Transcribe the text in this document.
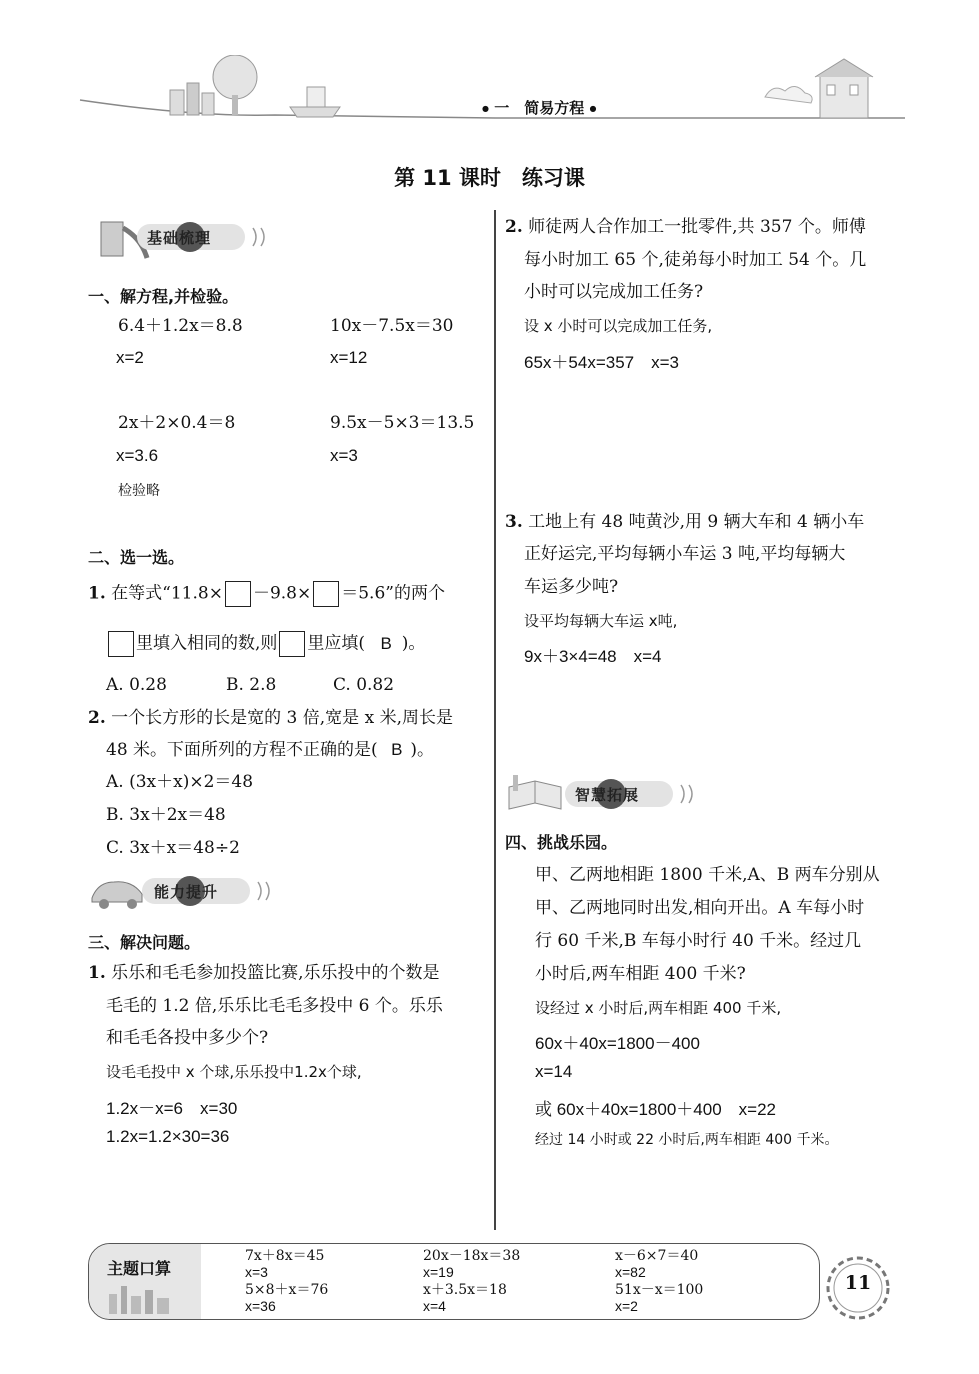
● 一　简易方程 ●
第 11 课时　练习课
基础梳理
一、解方程,并检验。
6.4＋1.2x＝8.8
x=2
10x－7.5x＝30
x=12
2x＋2×0.4＝8
x=3.6
9.5x－5×3＝13.5
x=3
检验略
二、选一选。
1. 在等式“11.8× －9.8× ＝5.6”的两个
里填入相同的数,则 里应填( B )。
A. 0.28	B. 2.8	C. 0.82
2. 一个长方形的长是宽的 3 倍,宽是 x 米,周长是
48 米。下面所列的方程不正确的是( B )。
A. (3x＋x)×2＝48
B. 3x＋2x＝48
C. 3x＋x＝48÷2
能力提升
三、解决问题。
1. 乐乐和毛毛参加投篮比赛,乐乐投中的个数是
毛毛的 1.2 倍,乐乐比毛毛多投中 6 个。乐乐
和毛毛各投中多少个?
设毛毛投中 x 个球,乐乐投中1.2x个球,
1.2x－x=6　x=30
1.2x=1.2×30=36
2. 师徒两人合作加工一批零件,共 357 个。师傅
每小时加工 65 个,徒弟每小时加工 54 个。几
小时可以完成加工任务?
设 x 小时可以完成加工任务,
65x＋54x=357　x=3
3. 工地上有 48 吨黄沙,用 9 辆大车和 4 辆小车
正好运完,平均每辆小车运 3 吨,平均每辆大
车运多少吨?
设平均每辆大车运 x吨,
9x＋3×4=48　x=4
智慧拓展
四、挑战乐园。
甲、乙两地相距 1800 千米,A、B 两车分别从
甲、乙两地同时出发,相向开出。A 车每小时
行 60 千米,B 车每小时行 40 千米。经过几
小时后,两车相距 400 千米?
设经过 x 小时后,两车相距 400 千米,
60x＋40x=1800－400
x=14
或 60x＋40x=1800＋400　x=22
经过 14 小时或 22 小时后,两车相距 400 千米。
主题口算
7x＋8x＝45
x=3
20x－18x＝38
x=19
x－6×7＝40
x=82
5×8＋x＝76
x=36
x＋3.5x＝18
x=4
51x－x＝100
x=2
11
